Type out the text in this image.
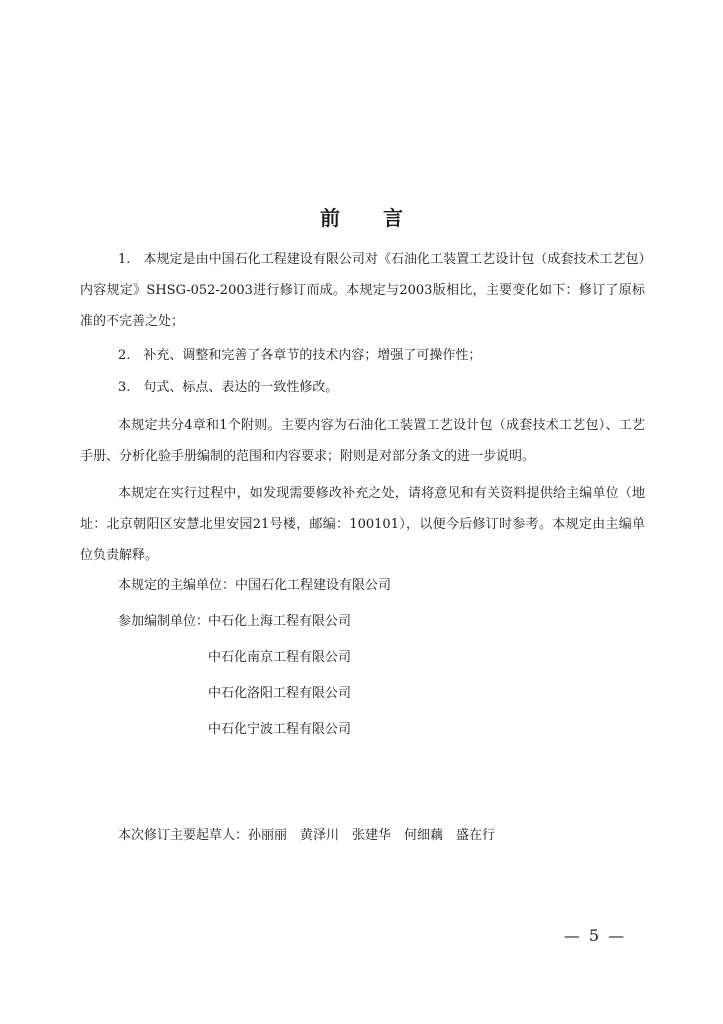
前 言

1.　本规定是由中国石化工程建设有限公司对《石油化工装置工艺设计包（成套技术工艺包）内容规定》SHSG-052-2003进行修订而成。本规定与2003版相比，主要变化如下：修订了原标准的不完善之处；

2.　补充、调整和完善了各章节的技术内容；增强了可操作性；

3.　句式、标点、表达的一致性修改。

本规定共分4章和1个附则。主要内容为石油化工装置工艺设计包（成套技术工艺包）、工艺手册、分析化验手册编制的范围和内容要求；附则是对部分条文的进一步说明。

本规定在实行过程中，如发现需要修改补充之处，请将意见和有关资料提供给主编单位（地址：北京朝阳区安慧北里安园21号楼，邮编：100101），以便今后修订时参考。本规定由主编单位负责解释。

本规定的主编单位：中国石化工程建设有限公司
参加编制单位：
中石化上海工程有限公司
中石化南京工程有限公司
中石化洛阳工程有限公司
中石化宁波工程有限公司
本次修订主要起草人：孙丽丽　黄泽川　张建华　何细藕　盛在行
— 5 —
